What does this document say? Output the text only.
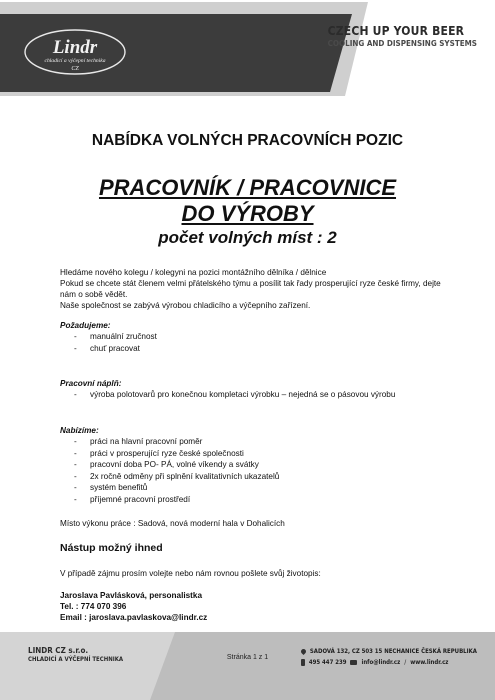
Lindr
chladicí a výčepní technika
CZ
CZECH UP YOUR BEER
COOLING AND DISPENSING SYSTEMS
NABÍDKA VOLNÝCH PRACOVNÍCH POZIC
PRACOVNÍK / PRACOVNICE
DO VÝROBY
počet volných míst : 2
Hledáme nového kolegu / kolegyni na pozici montážního dělníka / dělnice
Pokud se chcete stát členem velmi přátelského týmu a posílit tak řady prosperující ryze české firmy, dejte nám o sobě vědět.
Naše společnost se zabývá výrobou chladicího a výčepního zařízení.
Požadujeme:
- manuální zručnost
- chuť pracovat
Pracovní náplň:
- výroba polotovarů pro konečnou kompletaci výrobku – nejedná se o pásovou výrobu
Nabízíme:
- práci na hlavní pracovní poměr
- práci v prosperující ryze české společnosti
- pracovní doba PO- PÁ, volné víkendy a svátky
- 2x ročně odměny při splnění kvalitativních ukazatelů
- systém benefitů
- příjemné pracovní prostředí
Místo výkonu práce : Sadová, nová moderní hala v Dohalicích
Nástup možný ihned
V případě zájmu prosím volejte nebo nám rovnou pošlete svůj životopis:
Jaroslava Pavlásková, personalistka
Tel. : 774 070 396
Email : jaroslava.pavlaskova@lindr.cz
LINDR CZ s.r.o.
CHLADICÍ A VÝČEPNÍ TECHNIKA	Stránka 1 z 1
SADOVÁ 132, CZ 503 15 NECHANICE ČESKÁ REPUBLIKA
495 447 239	info@lindr.cz / www.lindr.cz
